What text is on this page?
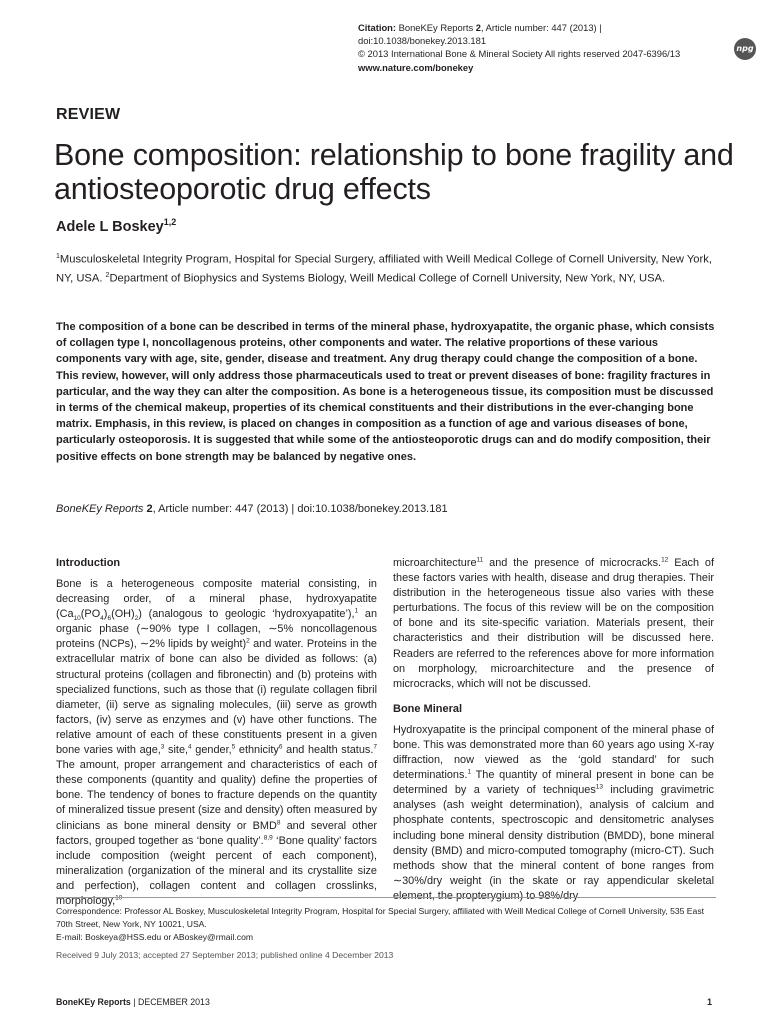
Citation: BoneKEy Reports 2, Article number: 447 (2013) | doi:10.1038/bonekey.2013.181
© 2013 International Bone & Mineral Society All rights reserved 2047-6396/13
www.nature.com/bonekey
npg
REVIEW
Bone composition: relationship to bone fragility and antiosteoporotic drug effects
Adele L Boskey$^{1,2}$
$^1$Musculoskeletal Integrity Program, Hospital for Special Surgery, affiliated with Weill Medical College of Cornell University, New York, NY, USA. $^2$Department of Biophysics and Systems Biology, Weill Medical College of Cornell University, New York, NY, USA.
The composition of a bone can be described in terms of the mineral phase, hydroxyapatite, the organic phase, which consists of collagen type I, noncollagenous proteins, other components and water. The relative proportions of these various components vary with age, site, gender, disease and treatment. Any drug therapy could change the composition of a bone. This review, however, will only address those pharmaceuticals used to treat or prevent diseases of bone: fragility fractures in particular, and the way they can alter the composition. As bone is a heterogeneous tissue, its composition must be discussed in terms of the chemical makeup, properties of its chemical constituents and their distributions in the ever-changing bone matrix. Emphasis, in this review, is placed on changes in composition as a function of age and various diseases of bone, particularly osteoporosis. It is suggested that while some of the antiosteoporotic drugs can and do modify composition, their positive effects on bone strength may be balanced by negative ones.
BoneKEy Reports 2, Article number: 447 (2013) | doi:10.1038/bonekey.2013.181
Introduction

Bone is a heterogeneous composite material consisting, in decreasing order, of a mineral phase, hydroxyapatite $(Ca_{10}(PO_4)_6(OH)_2)$ (analogous to geologic ‘hydroxyapatite’),$^1$ an organic phase (∼90% type I collagen, ∼5% noncollagenous proteins (NCPs), ∼2% lipids by weight)$^2$ and water. Proteins in the extracellular matrix of bone can also be divided as follows: (a) structural proteins (collagen and fibronectin) and (b) proteins with specialized functions, such as those that (i) regulate collagen fibril diameter, (ii) serve as signaling molecules, (iii) serve as growth factors, (iv) serve as enzymes and (v) have other functions. The relative amount of each of these constituents present in a given bone varies with age,$^3$ site,$^4$ gender,$^5$ ethnicity$^6$ and health status.$^7$ The amount, proper arrangement and characteristics of each of these components (quantity and quality) define the properties of bone. The tendency of bones to fracture depends on the quantity of mineralized tissue present (size and density) often measured by clinicians as bone mineral density or BMD$^8$ and several other factors, grouped together as ‘bone quality’.$^{8,9}$ ‘Bone quality’ factors include composition (weight percent of each component), mineralization (organization of the mineral and its crystallite size and perfection), collagen content and collagen crosslinks, morphology,$^{10}$

microarchitecture$^{11}$ and the presence of microcracks.$^{12}$ Each of these factors varies with health, disease and drug therapies. Their distribution in the heterogeneous tissue also varies with these perturbations. The focus of this review will be on the composition of bone and its site-specific variation. Materials present, their characteristics and their distribution will be discussed here. Readers are referred to the references above for more information on morphology, microarchitecture and the presence of microcracks, which will not be discussed.

Bone Mineral

Hydroxyapatite is the principal component of the mineral phase of bone. This was demonstrated more than 60 years ago using X-ray diffraction, now viewed as the ‘gold standard’ for such determinations.$^1$ The quantity of mineral present in bone can be determined by a variety of techniques$^{13}$ including gravimetric analyses (ash weight determination), analysis of calcium and phosphate contents, spectroscopic and densitometric analyses including bone mineral density distribution (BMDD), bone mineral density (BMD) and micro-computed tomography (micro-CT). Such methods show that the mineral content of bone ranges from ∼30%/dry weight (in the skate or ray appendicular skeletal element, the propterygium) to 98%/dry

Correspondence: Professor AL Boskey, Musculoskeletal Integrity Program, Hospital for Special Surgery, affiliated with Weill Medical College of Cornell University, 535 East 70th Street, New York, NY 10021, USA.

E-mail: Boskeya@HSS.edu or ABoskey@rmail.com

Received 9 July 2013; accepted 27 September 2013; published online 4 December 2013

BoneKEy Reports | DECEMBER 2013	1
